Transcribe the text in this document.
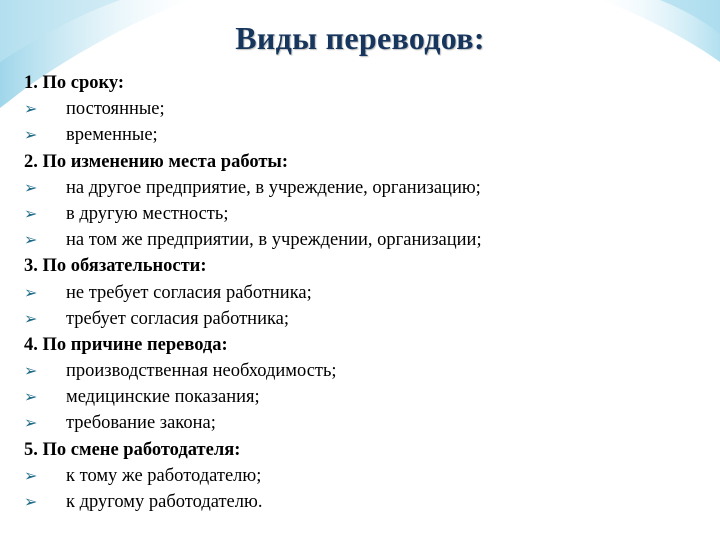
Виды переводов:
1. По сроку:
➢ постоянные;
➢ временные;
2. По изменению места работы:
➢ на другое предприятие, в учреждение, организацию;
➢ в другую местность;
➢ на том же предприятии, в учреждении, организации;
3. По обязательности:
➢ не требует согласия работника;
➢ требует согласия работника;
4. По причине перевода:
➢ производственная необходимость;
➢ медицинские показания;
➢ требование закона;
5. По смене работодателя:
➢ к тому же работодателю;
➢ к другому работодателю.
